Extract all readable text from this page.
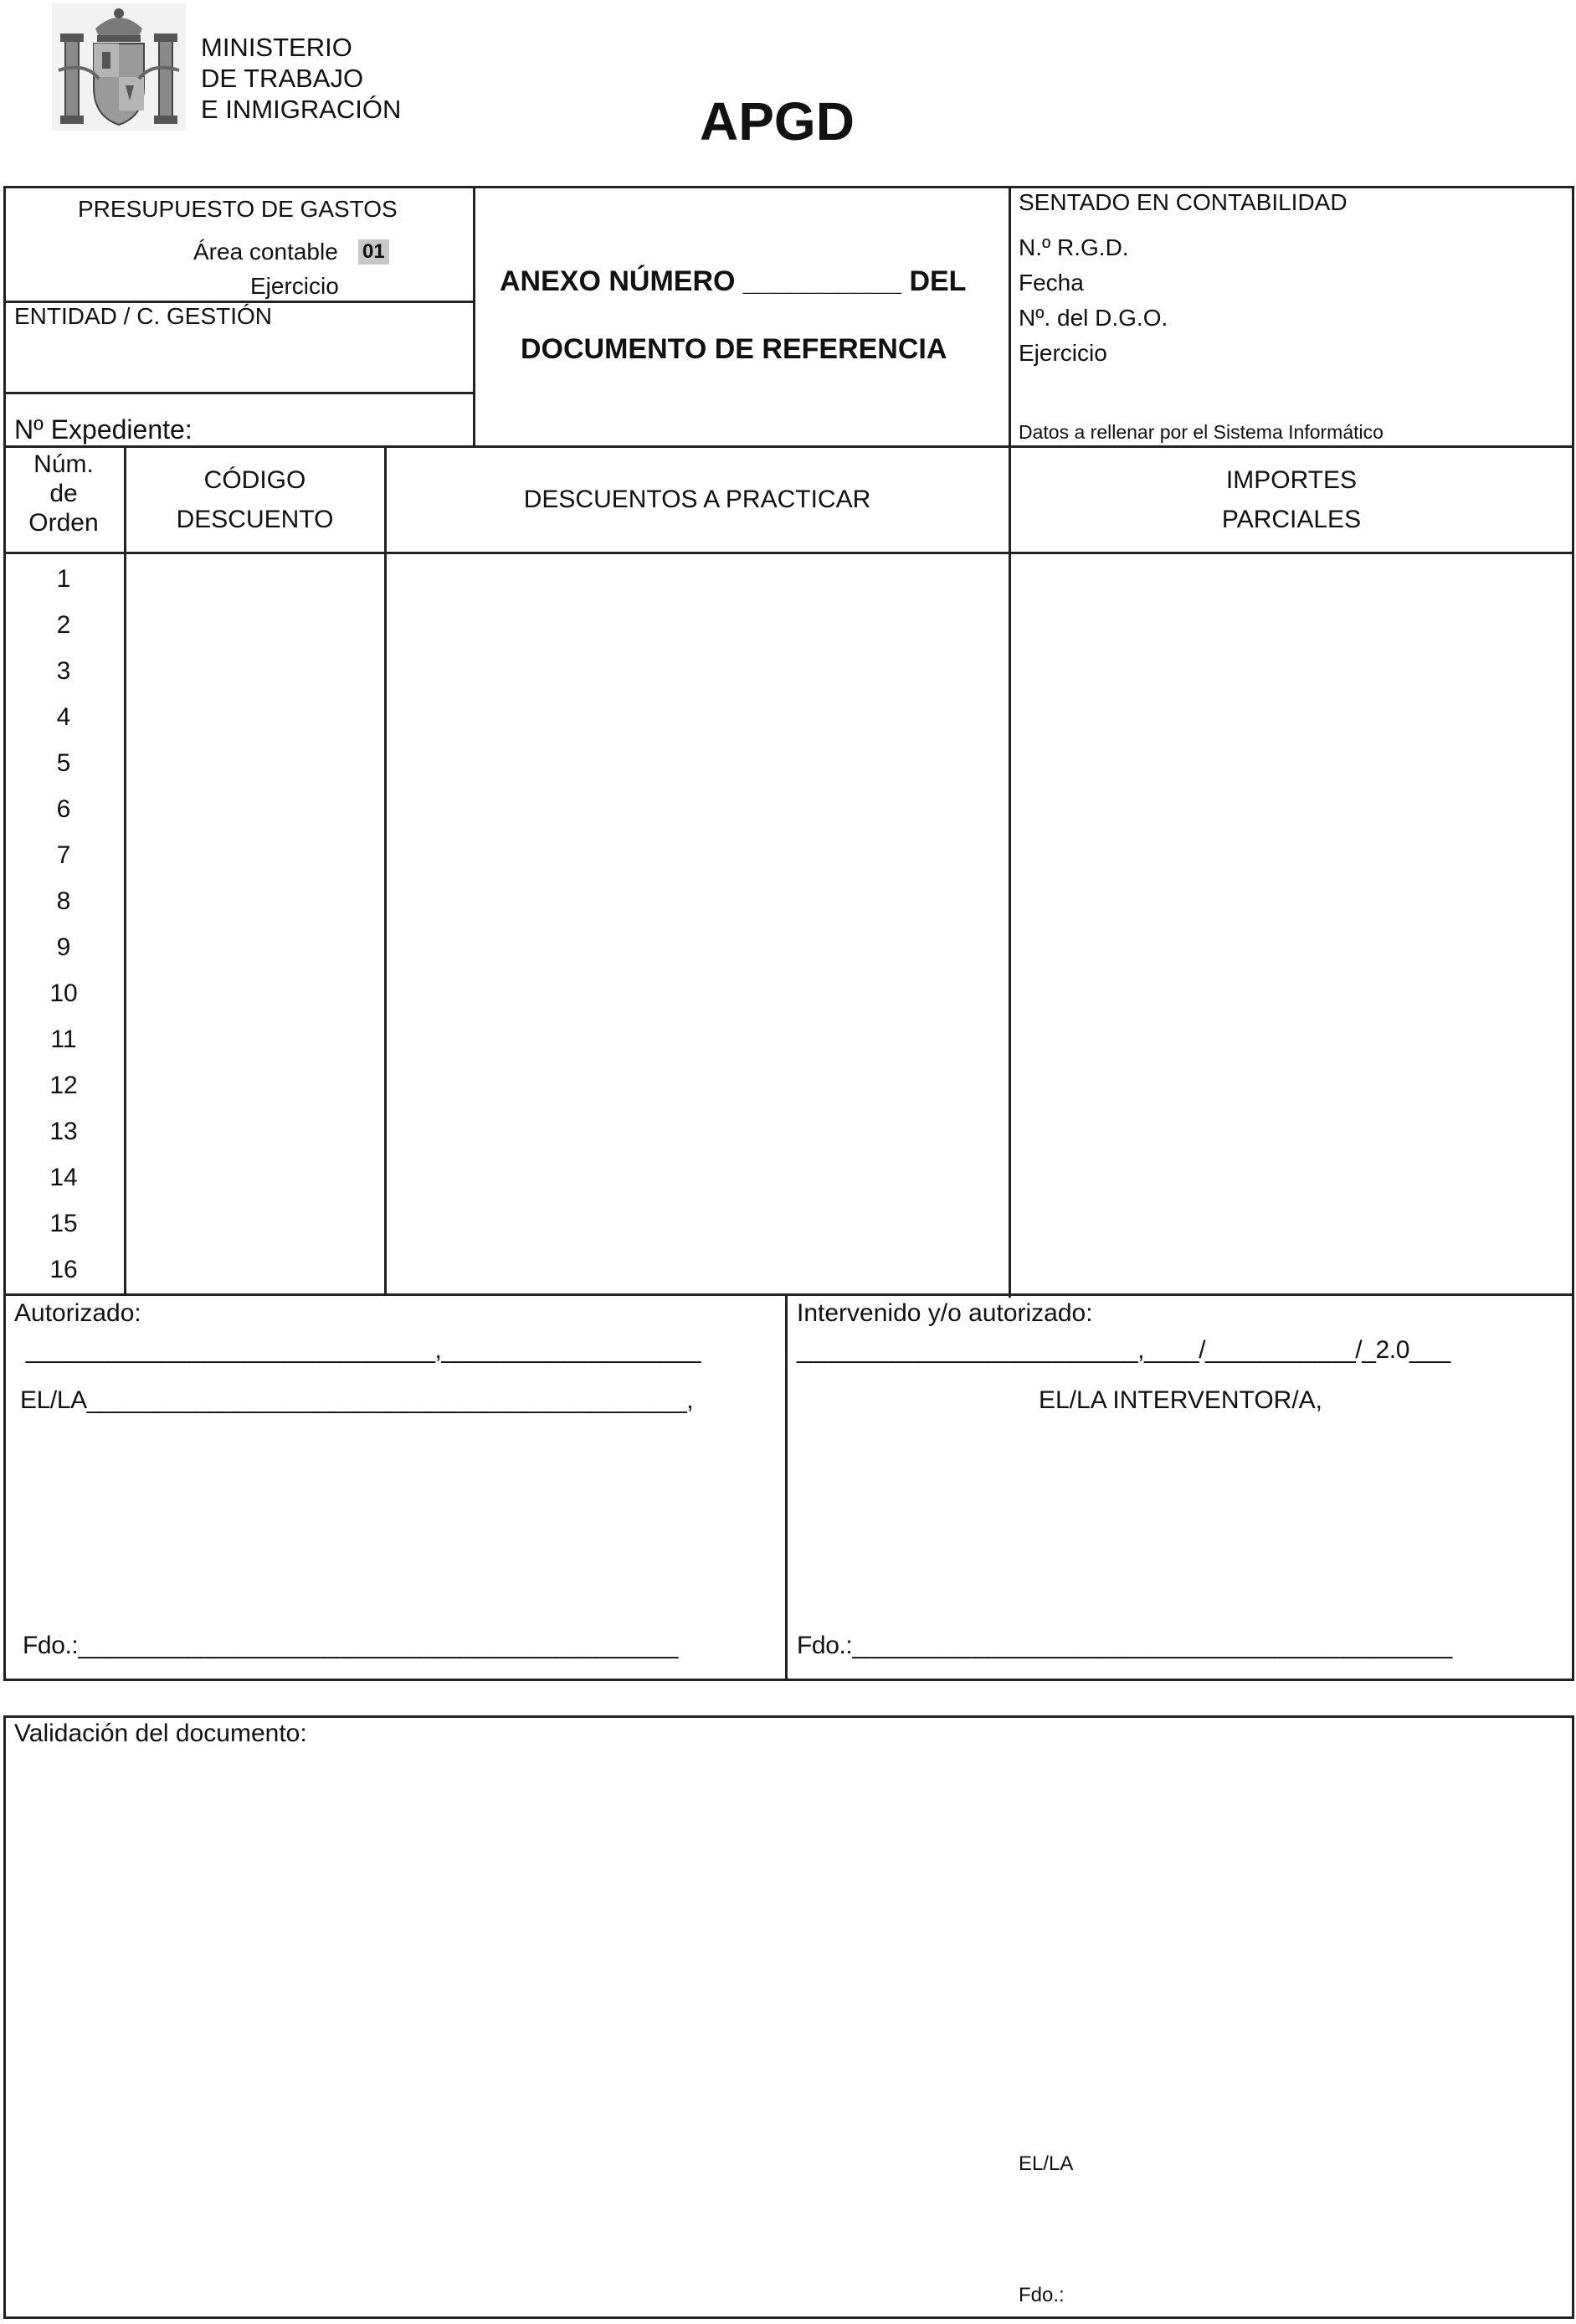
MINISTERIO
DE TRABAJO
E INMIGRACIÓN	APGD
PRESUPUESTO DE GASTOS
Área contable 01
Ejercicio
ENTIDAD / C. GESTIÓN
Nº Expediente:
ANEXO NÚMERO __________ DEL
DOCUMENTO DE REFERENCIA
SENTADO EN CONTABILIDAD
N.º R.G.D.
Fecha
Nº. del D.G.O.
Ejercicio
Datos a rellenar por el Sistema Informático
Núm.
de
Orden
CÓDIGO
DESCUENTO
DESCUENTOS A PRACTICAR
IMPORTES
PARCIALES
1
2
3
4
5
6
7
8
9
10
11
12
13
14
15
16
Autorizado:
______________________________,___________________
EL/LA____________________________________________,
Fdo.:____________________________________________
Intervenido y/o autorizado:
_________________________,____/___________/_2.0___
EL/LA INTERVENTOR/A,
Fdo.:____________________________________________
Validación del documento:
EL/LA
Fdo.:
